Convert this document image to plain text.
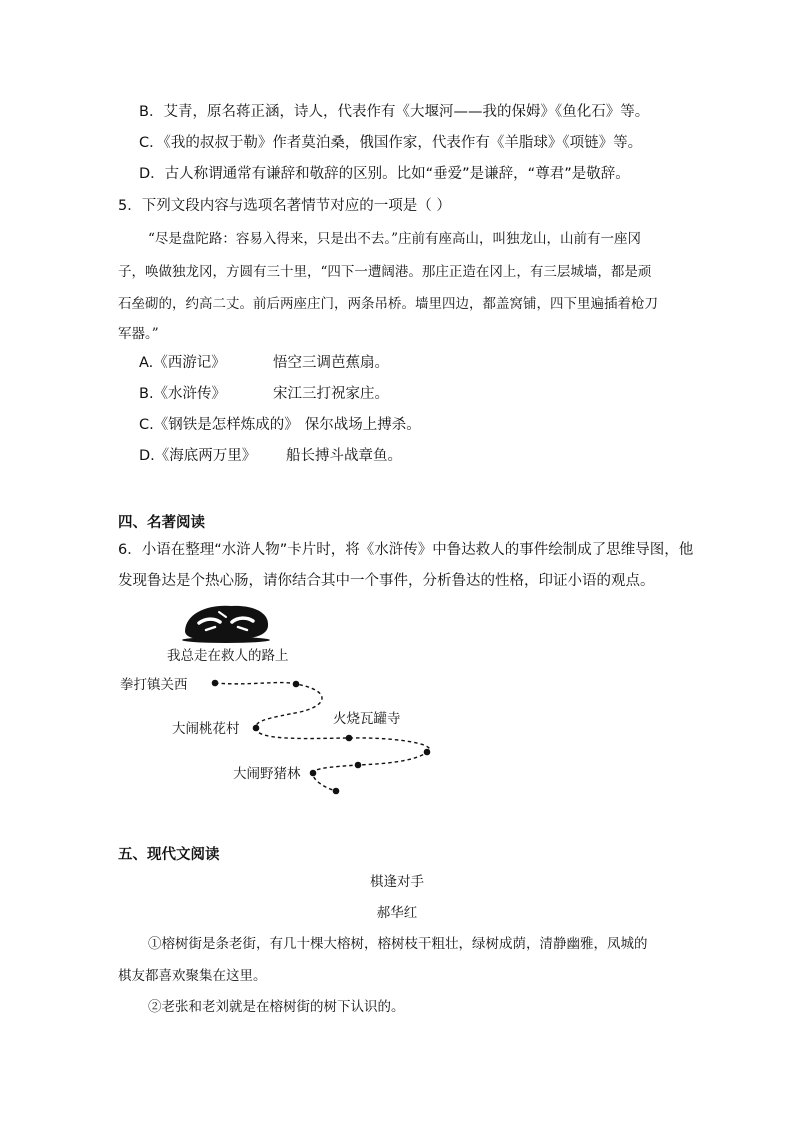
B．艾青，原名蒋正涵，诗人，代表作有《大堰河——我的保姆》《鱼化石》等。
C．《我的叔叔于勒》作者莫泊桑，俄国作家，代表作有《羊脂球》《项链》等。
D．古人称谓通常有谦辞和敬辞的区别。比如“垂爱”是谦辞，“尊君”是敬辞。
5．下列文段内容与选项名著情节对应的一项是（ ）
“尽是盘陀路：容易入得来，只是出不去。”庄前有座高山，叫独龙山，山前有一座冈
子，唤做独龙冈，方圆有三十里，“四下一遭阔港。那庄正造在冈上，有三层城墙，都是顽
石垒砌的，约高二丈。前后两座庄门，两条吊桥。墙里四边，都盖窝铺，四下里遍插着枪刀
军器。”
A.《西游记》	悟空三调芭蕉扇。
B.《水浒传》	宋江三打祝家庄。
C.《钢铁是怎样炼成的》 保尔战场上搏杀。
D.《海底两万里》 船长搏斗战章鱼。
四、名著阅读
6．小语在整理“水浒人物”卡片时，将《水浒传》中鲁达救人的事件绘制成了思维导图，他
发现鲁达是个热心肠，请你结合其中一个事件，分析鲁达的性格，印证小语的观点。
我总走在救人的路上
拳打镇关西
大闹桃花村
火烧瓦罐寺
大闹野猪林
五、现代文阅读
棋逢对手
郝华红
①榕树街是条老街，有几十棵大榕树，榕树枝干粗壮，绿树成荫，清静幽雅，凤城的
棋友都喜欢聚集在这里。
②老张和老刘就是在榕树街的树下认识的。
